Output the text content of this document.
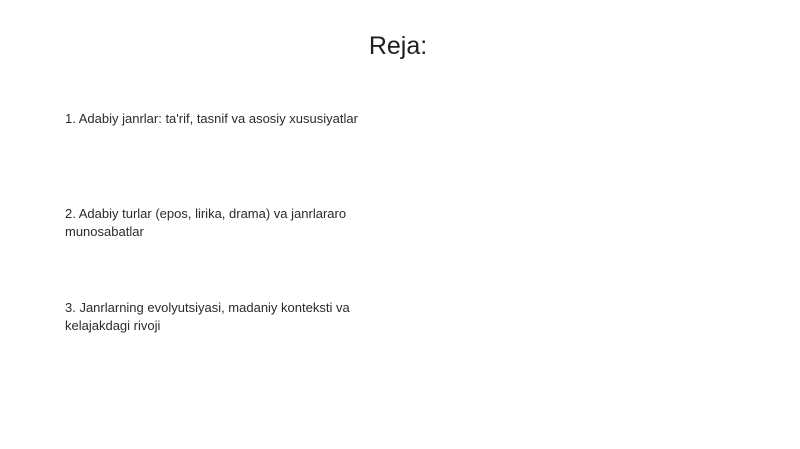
Reja:
1. Adabiy janrlar: ta'rif, tasnif va asosiy xususiyatlar
2. Adabiy turlar (epos, lirika, drama) va janrlararo munosabatlar
3. Janrlarning evolyutsiyasi, madaniy konteksti va kelajakdagi rivoji
